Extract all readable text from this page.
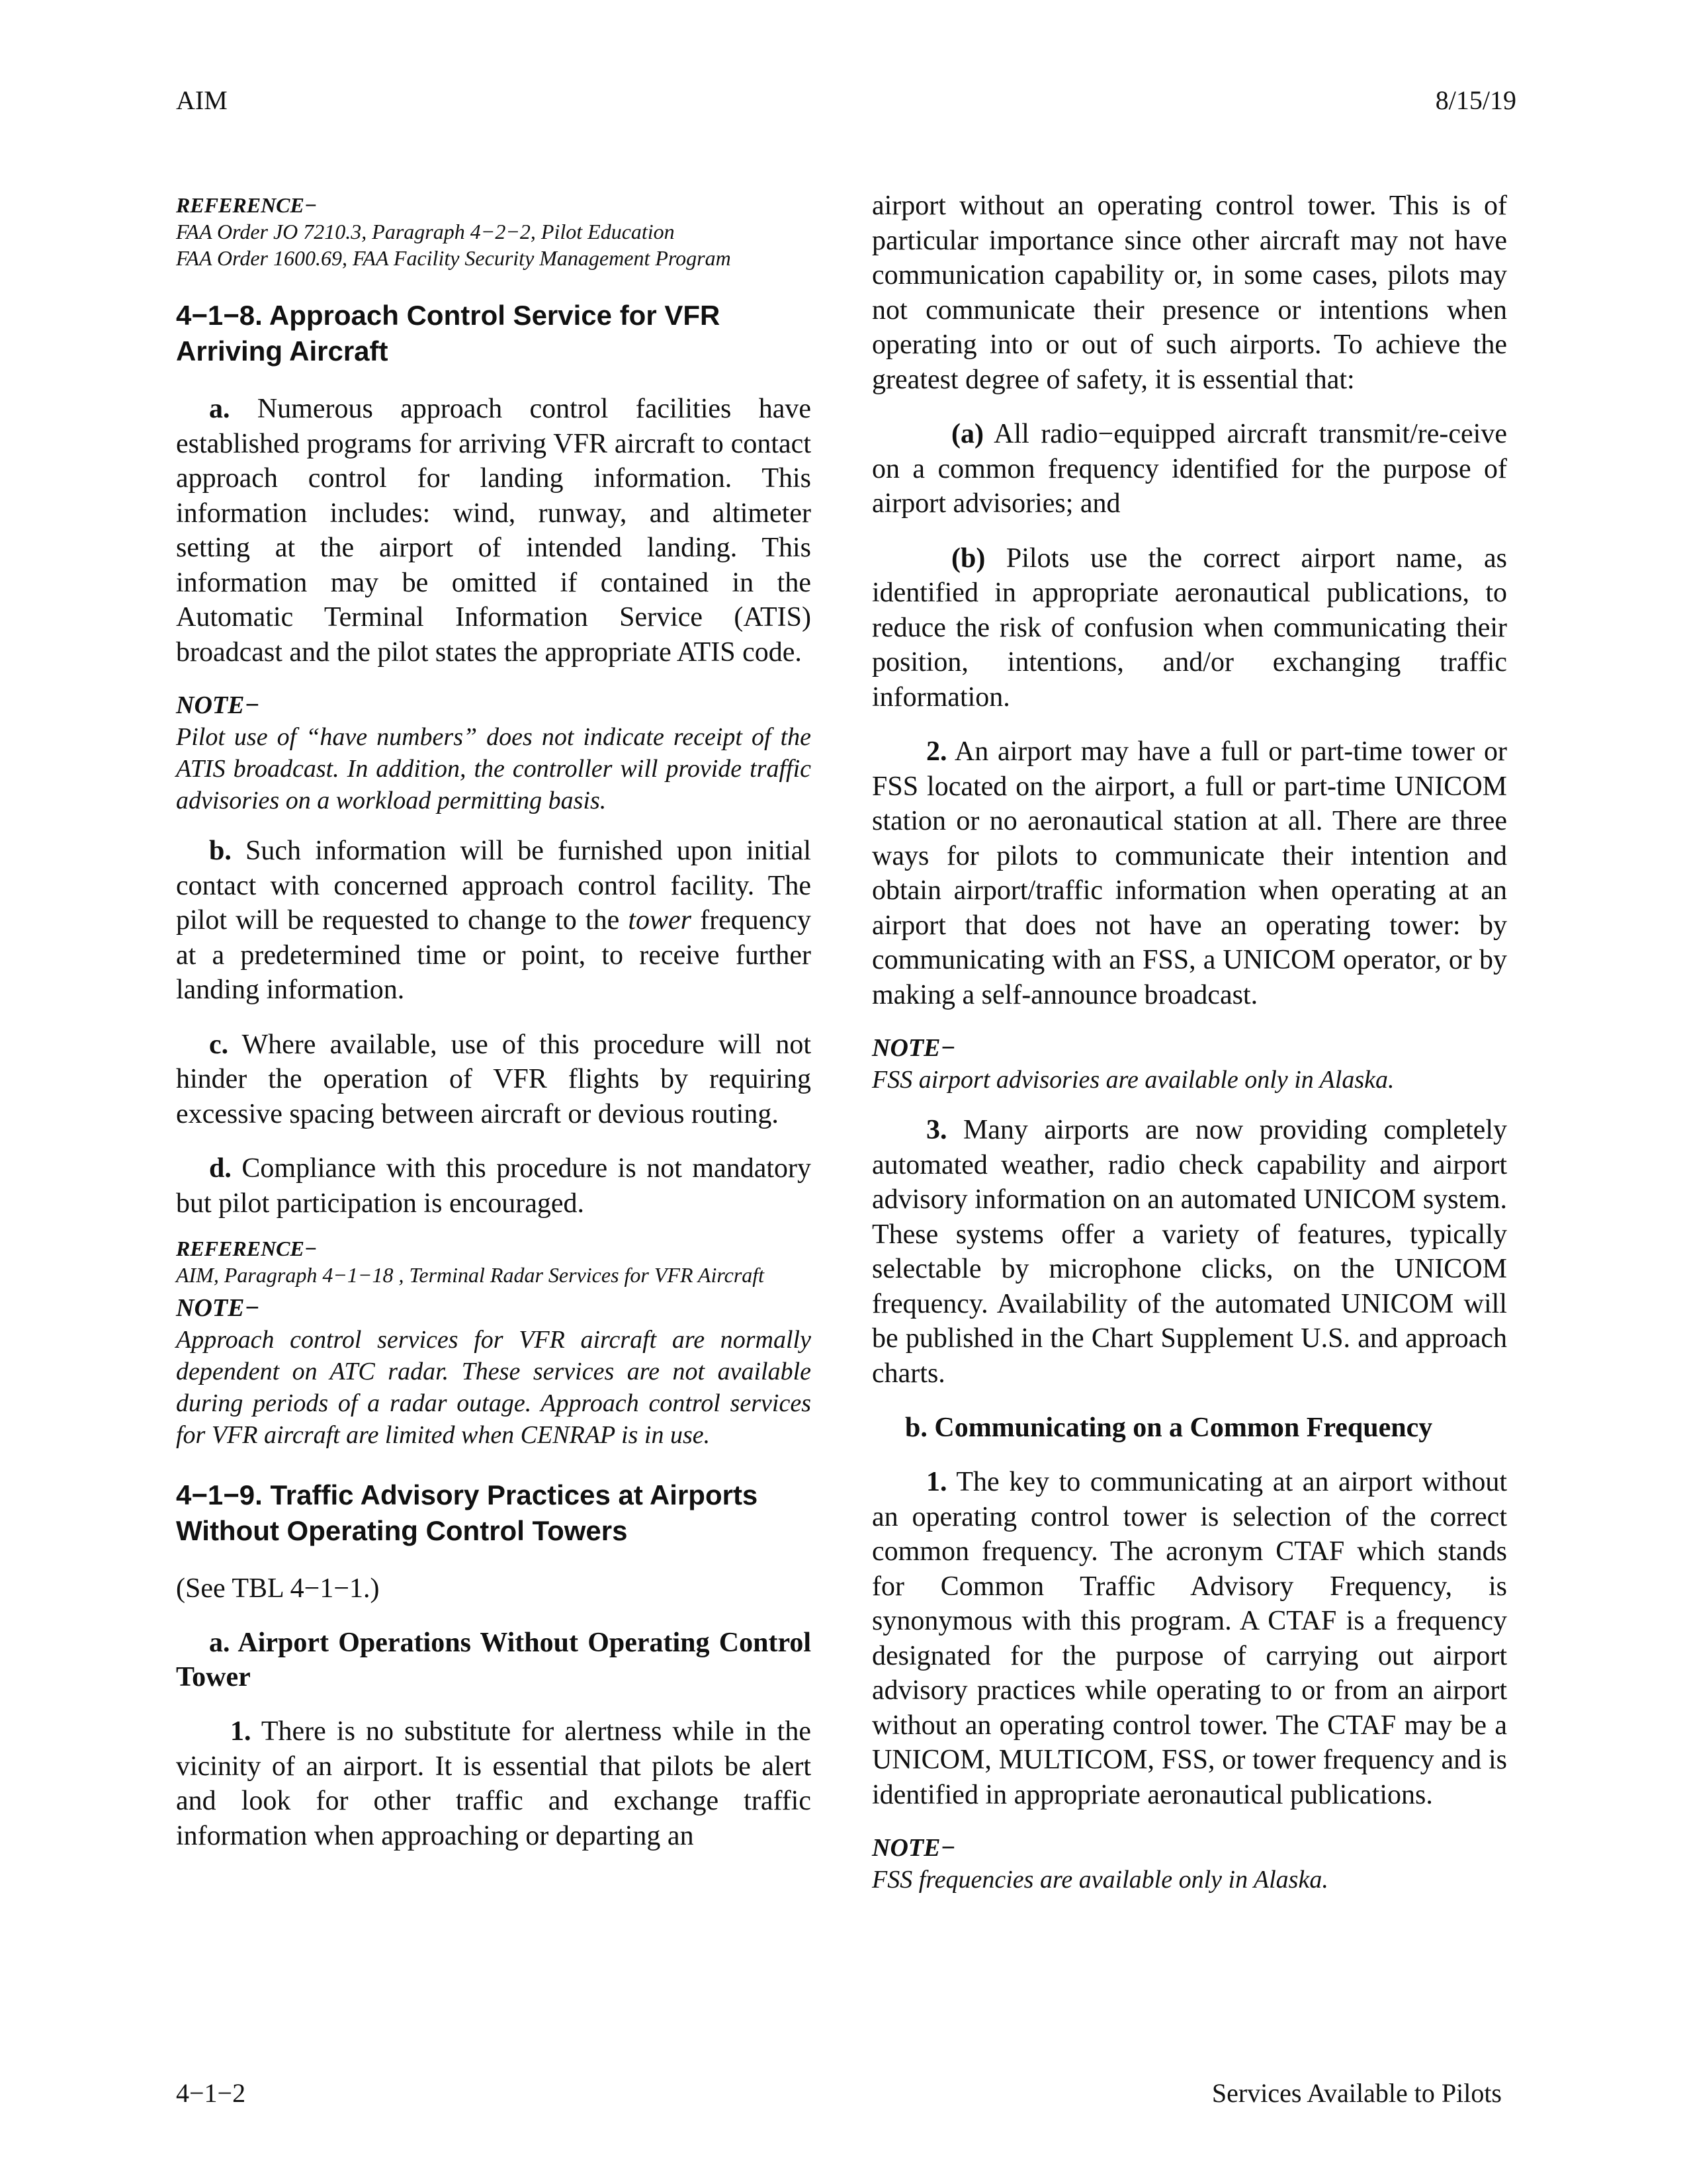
AIM	8/15/19

REFERENCE−

FAA Order JO 7210.3, Paragraph 4−2−2, Pilot Education

FAA Order 1600.69, FAA Facility Security Management Program

4−1−8. Approach Control Service for VFR Arriving Aircraft

a. Numerous approach control facilities have established programs for arriving VFR aircraft to contact approach control for landing information. This information includes: wind, runway, and altimeter setting at the airport of intended landing. This information may be omitted if contained in the Automatic Terminal Information Service (ATIS) broadcast and the pilot states the appropriate ATIS code.

NOTE−

Pilot use of “have numbers” does not indicate receipt of the ATIS broadcast. In addition, the controller will provide traffic advisories on a workload permitting basis.

b. Such information will be furnished upon initial contact with concerned approach control facility. The pilot will be requested to change to the tower frequency at a predetermined time or point, to receive further landing information.

c. Where available, use of this procedure will not hinder the operation of VFR flights by requiring excessive spacing between aircraft or devious routing.

d. Compliance with this procedure is not mandatory but pilot participation is encouraged.

REFERENCE−

AIM, Paragraph 4−1−18 , Terminal Radar Services for VFR Aircraft

NOTE−

Approach control services for VFR aircraft are normally dependent on ATC radar. These services are not available during periods of a radar outage. Approach control services for VFR aircraft are limited when CENRAP is in use.

4−1−9. Traffic Advisory Practices at Airports Without Operating Control Towers

(See TBL 4−1−1.)

a. Airport Operations Without Operating Control Tower

1. There is no substitute for alertness while in the vicinity of an airport. It is essential that pilots be alert and look for other traffic and exchange traffic information when approaching or departing an

airport without an operating control tower. This is of particular importance since other aircraft may not have communication capability or, in some cases, pilots may not communicate their presence or intentions when operating into or out of such airports. To achieve the greatest degree of safety, it is essential that:

(a) All radio−equipped aircraft transmit/re-ceive on a common frequency identified for the purpose of airport advisories; and

(b) Pilots use the correct airport name, as identified in appropriate aeronautical publications, to reduce the risk of confusion when communicating their position, intentions, and/or exchanging traffic information.

2. An airport may have a full or part-time tower or FSS located on the airport, a full or part-time UNICOM station or no aeronautical station at all. There are three ways for pilots to communicate their intention and obtain airport/traffic information when operating at an airport that does not have an operating tower: by communicating with an FSS, a UNICOM operator, or by making a self-announce broadcast.

NOTE−

FSS airport advisories are available only in Alaska.

3. Many airports are now providing completely automated weather, radio check capability and airport advisory information on an automated UNICOM system. These systems offer a variety of features, typically selectable by microphone clicks, on the UNICOM frequency. Availability of the automated UNICOM will be published in the Chart Supplement U.S. and approach charts.

b. Communicating on a Common Frequency

1. The key to communicating at an airport without an operating control tower is selection of the correct common frequency. The acronym CTAF which stands for Common Traffic Advisory Frequency, is synonymous with this program. A CTAF is a frequency designated for the purpose of carrying out airport advisory practices while operating to or from an airport without an operating control tower. The CTAF may be a UNICOM, MULTICOM, FSS, or tower frequency and is identified in appropriate aeronautical publications.

NOTE−

FSS frequencies are available only in Alaska.

4−1−2	Services Available to Pilots
